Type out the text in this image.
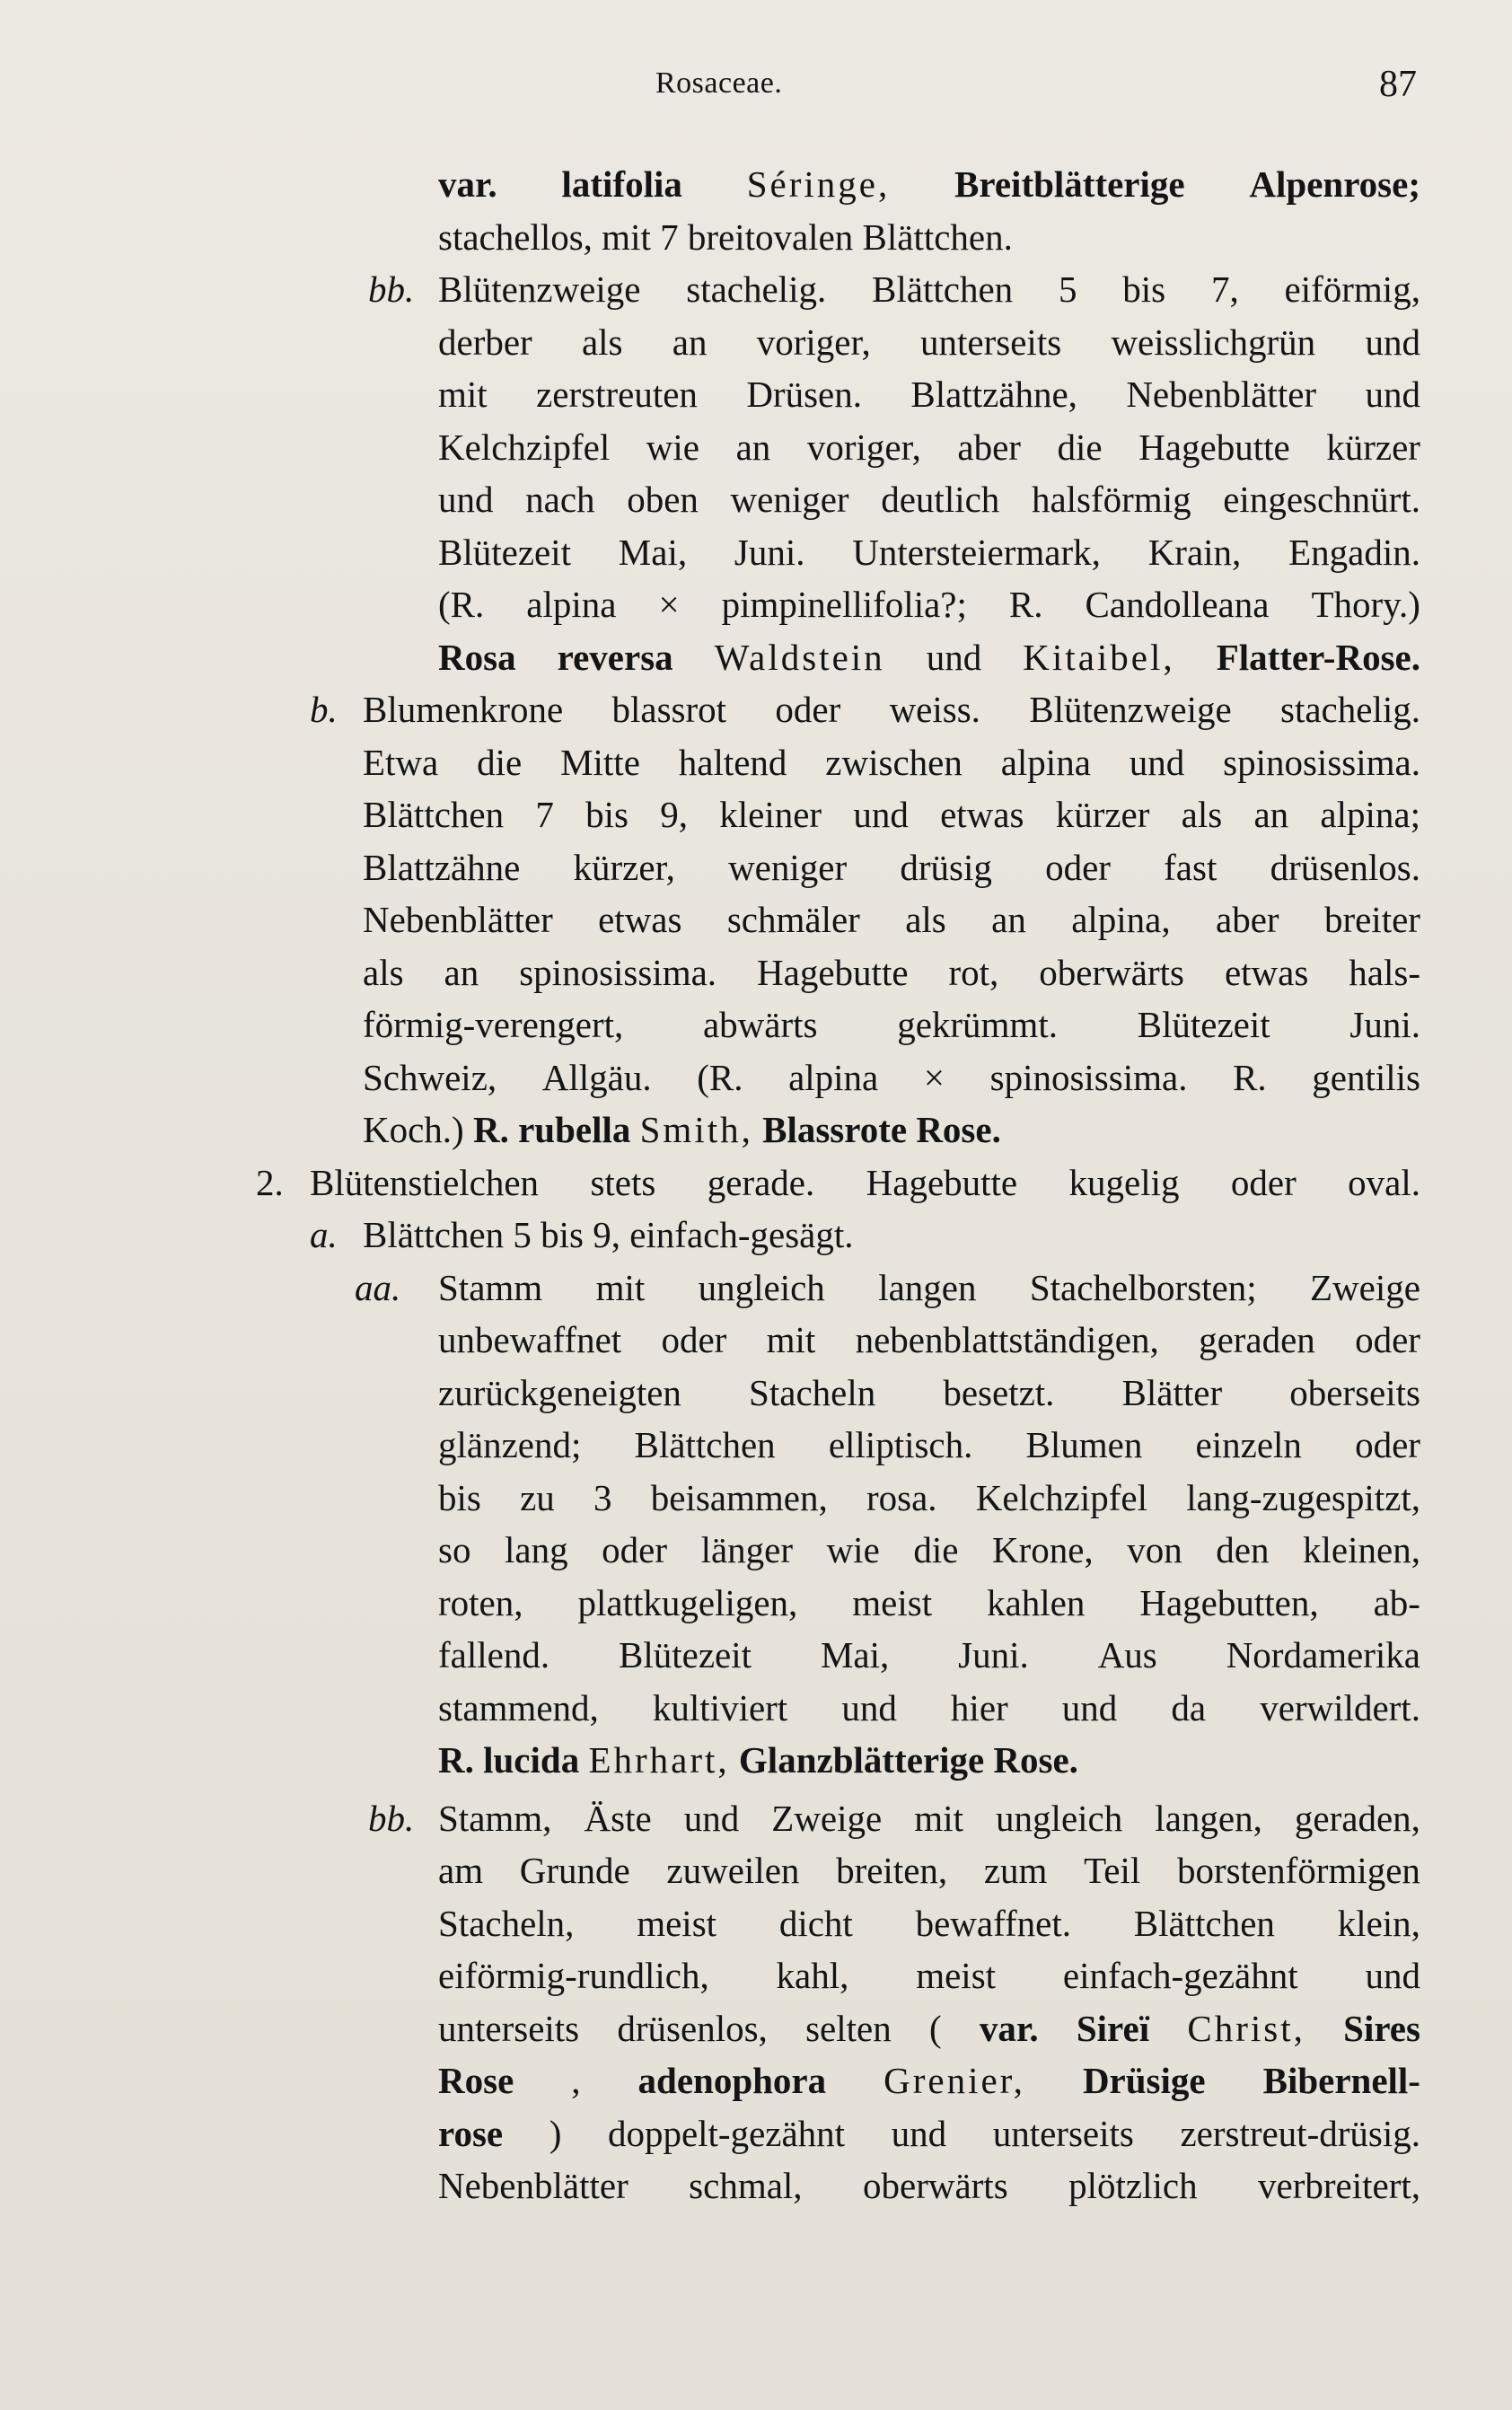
Rosaceae.	87
var. latifolia Séringe, Breitblätterige Alpenrose;
stachellos, mit 7 breitovalen Blättchen.
bb. Blütenzweige stachelig. Blättchen 5 bis 7, eiförmig,
derber als an voriger, unterseits weisslichgrün und
mit zerstreuten Drüsen. Blattzähne, Nebenblätter und
Kelchzipfel wie an voriger, aber die Hagebutte kürzer
und nach oben weniger deutlich halsförmig eingeschnürt.
Blütezeit Mai, Juni. Untersteiermark, Krain, Engadin.
(R. alpina × pimpinellifolia?; R. Candolleana Thory.)
Rosa reversa Waldstein und Kitaibel, Flatter-Rose.
b. Blumenkrone blassrot oder weiss. Blütenzweige stachelig.
Etwa die Mitte haltend zwischen alpina und spinosissima.
Blättchen 7 bis 9, kleiner und etwas kürzer als an alpina;
Blattzähne kürzer, weniger drüsig oder fast drüsenlos.
Nebenblätter etwas schmäler als an alpina, aber breiter
als an spinosissima. Hagebutte rot, oberwärts etwas hals-
förmig-verengert, abwärts gekrümmt. Blütezeit Juni.
Schweiz, Allgäu. (R. alpina × spinosissima. R. gentilis
Koch.) R. rubella
Smith,
Blassrote Rose.
2. Blütenstielchen stets gerade. Hagebutte kugelig oder oval.
a. Blättchen 5 bis 9, einfach-gesägt.
aa. Stamm mit ungleich langen Stachelborsten; Zweige
unbewaffnet oder mit nebenblattständigen, geraden oder
zurückgeneigten Stacheln besetzt. Blätter oberseits
glänzend; Blättchen elliptisch. Blumen einzeln oder
bis zu 3 beisammen, rosa. Kelchzipfel lang-zugespitzt,
so lang oder länger wie die Krone, von den kleinen,
roten, plattkugeligen, meist kahlen Hagebutten, ab-
fallend. Blütezeit Mai, Juni. Aus Nordamerika
stammend, kultiviert und hier und da verwildert.
R. lucida
Ehrhart,
Glanzblätterige Rose.
bb. Stamm, Äste und Zweige mit ungleich langen, geraden,
am Grunde zuweilen breiten, zum Teil borstenförmigen
Stacheln, meist dicht bewaffnet. Blättchen klein,
eiförmig-rundlich, kahl, meist einfach-gezähnt und
unterseits drüsenlos, selten ( var. Sireï Christ, Sires
Rose , adenophora Grenier, Drüsige Bibernell-
rose ) doppelt-gezähnt und unterseits zerstreut-drüsig.
Nebenblätter schmal, oberwärts plötzlich verbreitert,
